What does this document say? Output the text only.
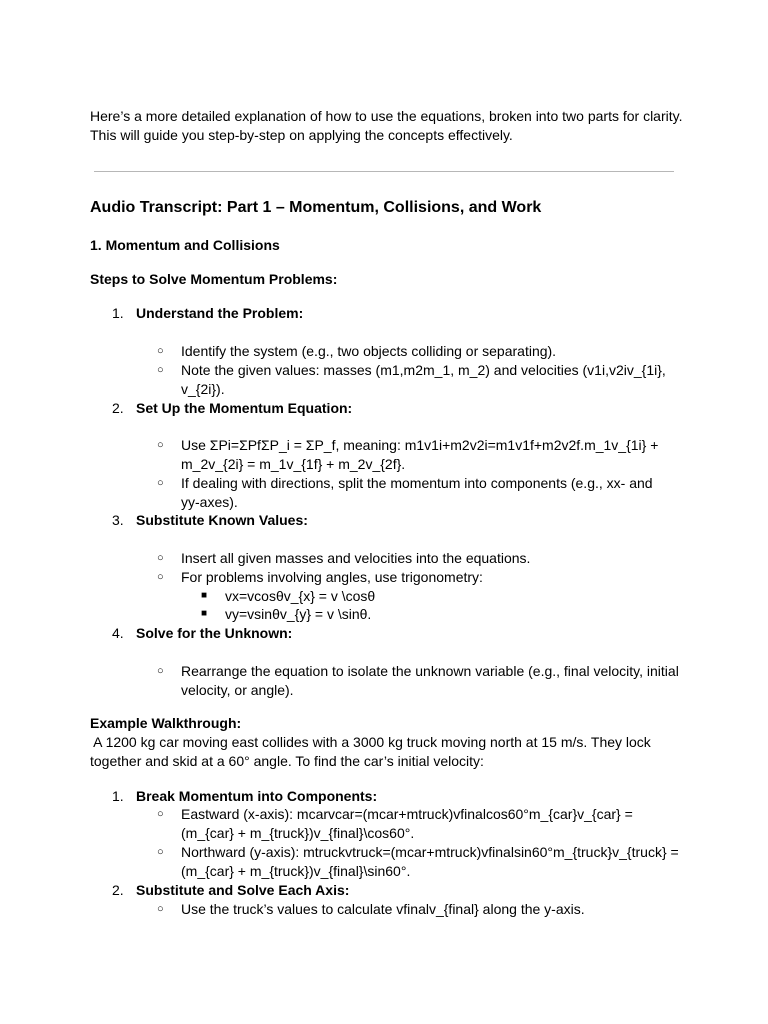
Here’s a more detailed explanation of how to use the equations, broken into two parts for clarity.

This will guide you step-by-step on applying the concepts effectively.

Audio Transcript: Part 1 – Momentum, Collisions, and Work

1. Momentum and Collisions

Steps to Solve Momentum Problems:

1. Understand the Problem:
○ Identify the system (e.g., two objects colliding or separating).
○ Note the given values: masses (m1,m2m_1, m_2) and velocities (v1i,v2iv_{1i},
v_{2i}).
2. Set Up the Momentum Equation:
○ Use ΣPi=ΣPfΣP_i = ΣP_f, meaning: m1v1i+m2v2i=m1v1f+m2v2f.m_1v_{1i} +
m_2v_{2i} = m_1v_{1f} + m_2v_{2f}.
○ If dealing with directions, split the momentum into components (e.g., xx- and
yy-axes).
3. Substitute Known Values:
○ Insert all given masses and velocities into the equations.
○ For problems involving angles, use trigonometry:
■ vx=vcosθv_{x} = v \cosθ
■ vy=vsinθv_{y} = v \sinθ.
4. Solve for the Unknown:
○ Rearrange the equation to isolate the unknown variable (e.g., final velocity, initial
velocity, or angle).

Example Walkthrough:

A 1200 kg car moving east collides with a 3000 kg truck moving north at 15 m/s. They lock
together and skid at a 60° angle. To find the car’s initial velocity:
1. Break Momentum into Components:
○ Eastward (x-axis): mcarvcar=(mcar+mtruck)vfinalcos60°m_{car}v_{car} =
(m_{car} + m_{truck})v_{final}\cos60°.
○ Northward (y-axis): mtruckvtruck=(mcar+mtruck)vfinalsin60°m_{truck}v_{truck} =
(m_{car} + m_{truck})v_{final}\sin60°.
2. Substitute and Solve Each Axis:
○ Use the truck’s values to calculate vfinalv_{final} along the y-axis.
